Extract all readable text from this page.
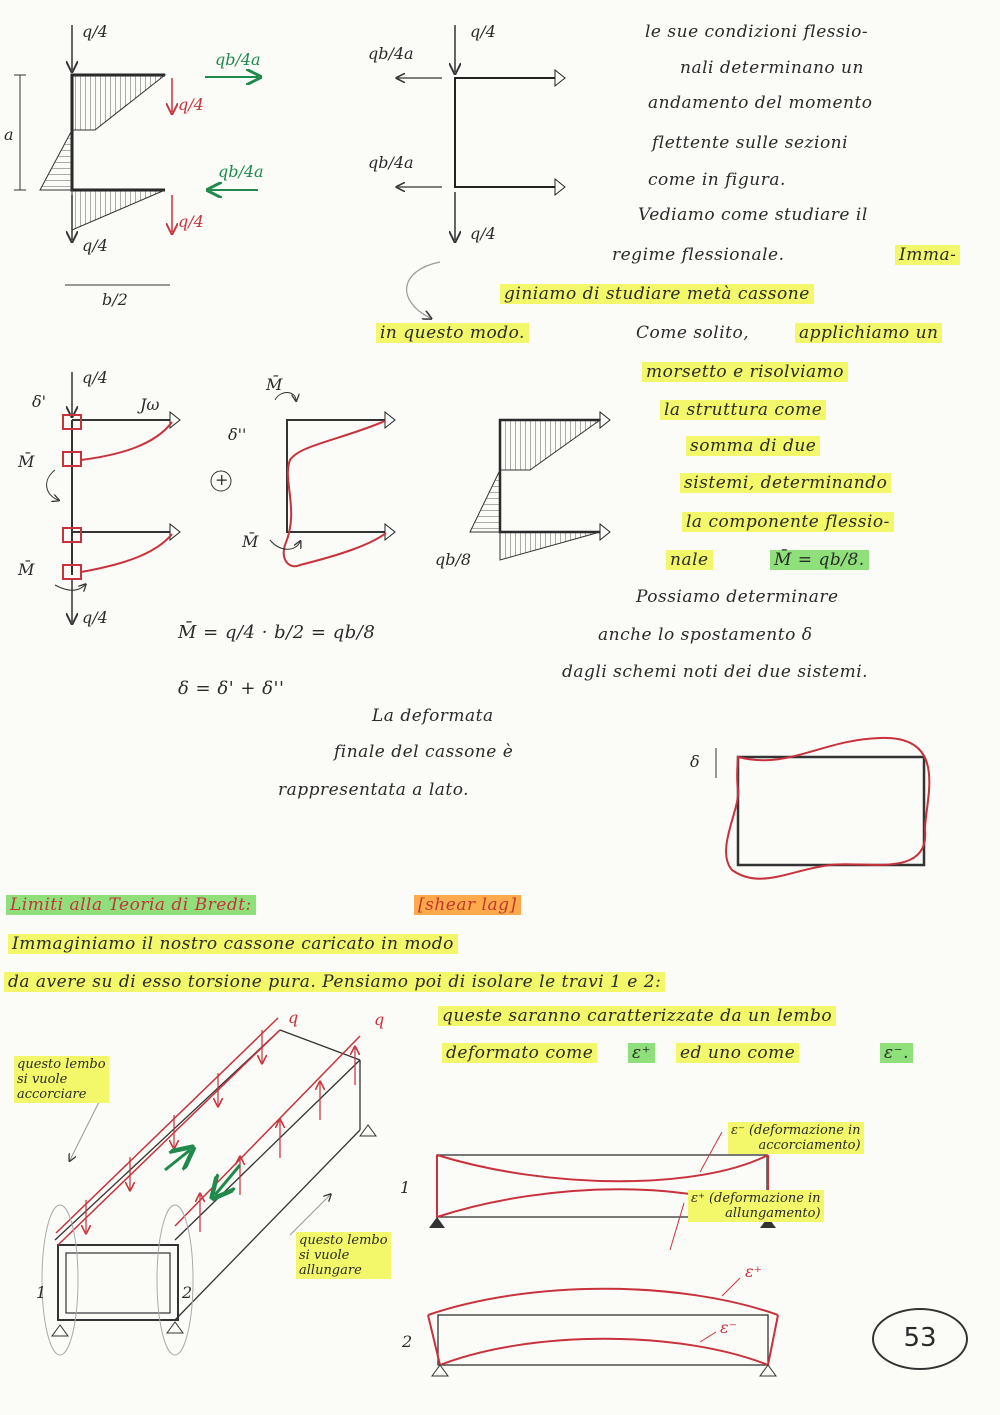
q/4
qb/4a
q/4
a
qb/4a
q/4
q/4
b/2
q/4
qb/4a
qb/4a
q/4
q/4
δ'	Jω
M̄
M̄
q/4
+
M̄
δ''
M̄
qb/8
δ
q	q
1	2
1
2
ε⁺
ε⁻
questo lembo
si vuole
accorciare
questo lembo
si vuole
allungare
ε⁻ (deformazione in
accorciamento)
ε⁺ (deformazione in
allungamento)
le sue condizioni flessio-
nali determinano un
andamento del momento
flettente sulle sezioni
come in figura.
Vediamo come studiare il
regime flessionale.	Imma-
giniamo di studiare metà cassone
in questo modo.	Come solito,	applichiamo un
morsetto e risolviamo
la struttura come
somma di due
sistemi, determinando
la componente flessio-
nale	M̄ = qb/8.
Possiamo determinare
anche lo spostamento δ
dagli schemi noti dei due sistemi.
M̄ = q/4 · b/2 = qb/8
δ = δ' + δ''
La deformata
finale del cassone è
rappresentata a lato.
Limiti alla Teoria di Bredt:	[shear lag]
Immaginiamo il nostro cassone caricato in modo
da avere su di esso torsione pura. Pensiamo poi di isolare le travi 1 e 2:
queste saranno caratterizzate da un lembo
deformato come ε⁺ ed uno come	ε⁻.
53
